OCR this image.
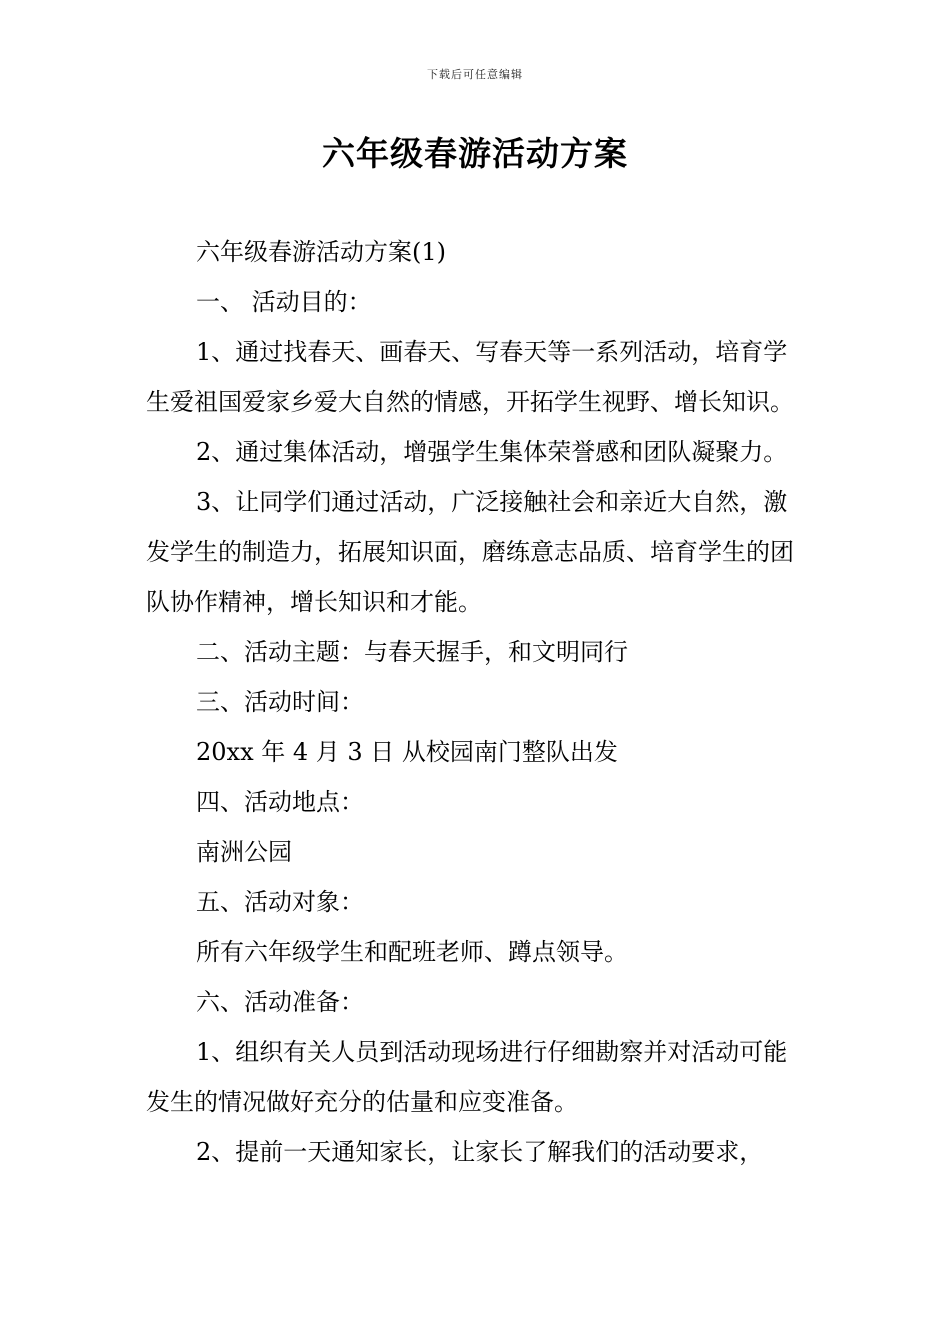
下载后可任意编辑
六年级春游活动方案

六年级春游活动方案(1)

一、 活动目的：

1、通过找春天、画春天、写春天等一系列活动，培育学生爱祖国爱家乡爱大自然的情感，开拓学生视野、增长知识。

2、通过集体活动，增强学生集体荣誉感和团队凝聚力。

3、让同学们通过活动，广泛接触社会和亲近大自然，激发学生的制造力，拓展知识面，磨练意志品质、培育学生的团队协作精神，增长知识和才能。

二、活动主题：与春天握手，和文明同行

三、活动时间：

20xx 年 4 月 3 日 从校园南门整队出发

四、活动地点：

南洲公园

五、活动对象：

所有六年级学生和配班老师、蹲点领导。

六、活动准备：

1、组织有关人员到活动现场进行仔细勘察并对活动可能发生的情况做好充分的估量和应变准备。

2、提前一天通知家长，让家长了解我们的活动要求，
